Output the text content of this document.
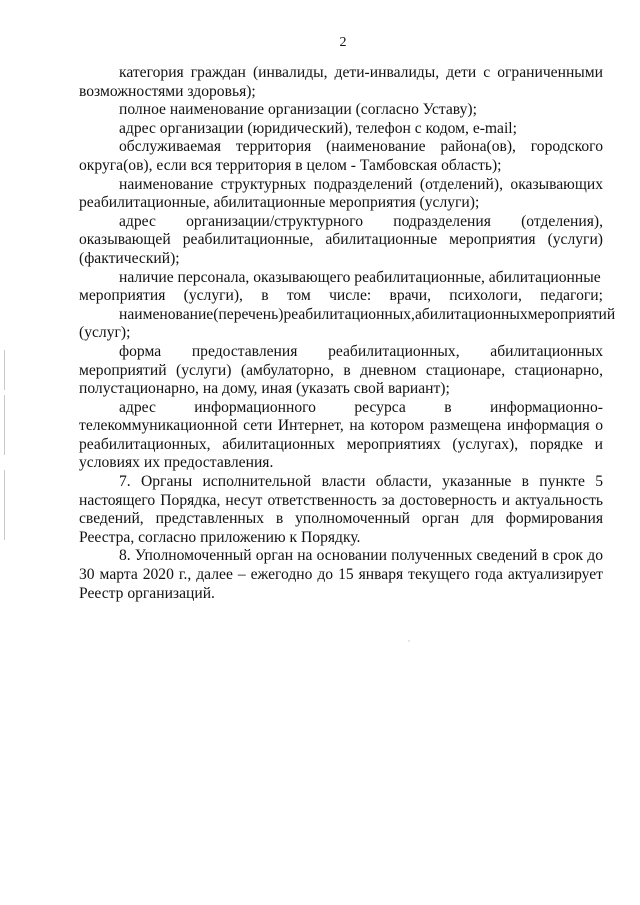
2

категория граждан (инвалиды, дети-инвалиды, дети с ограниченными возможностями здоровья);

полное наименование организации (согласно Уставу);

адрес организации (юридический), телефон с кодом, e-mail;

обслуживаемая территория (наименование района(ов), городского округа(ов), если вся территория в целом - Тамбовская область);

наименование структурных подразделений (отделений), оказывающих реабилитационные, абилитационные мероприятия (услуги);

адрес организации/структурного подразделения (отделения), оказывающей реабилитационные, абилитационные мероприятия (услуги) (фактический);

наличие персонала, оказывающего реабилитационные, абилитационные
мероприятия (услуги), в том числе: врачи, психологи, педагоги;
наименование (перечень) реабилитационных, абилитационных мероприятий
(услуг);

форма предоставления реабилитационных, абилитационных мероприятий (услуги) (амбулаторно, в дневном стационаре, стационарно, полустационарно, на дому, иная (указать свой вариант);

адрес информационного ресурса в информационно-телекоммуникационной сети Интернет, на котором размещена информация о реабилитационных, абилитационных мероприятиях (услугах), порядке и условиях их предоставления.

7. Органы исполнительной власти области, указанные в пункте 5 настоящего Порядка, несут ответственность за достоверность и актуальность сведений, представленных в уполномоченный орган для формирования Реестра, согласно приложению к Порядку.

8. Уполномоченный орган на основании полученных сведений в срок до 30 марта 2020 г., далее – ежегодно до 15 января текущего года актуализирует Реестр организаций.
